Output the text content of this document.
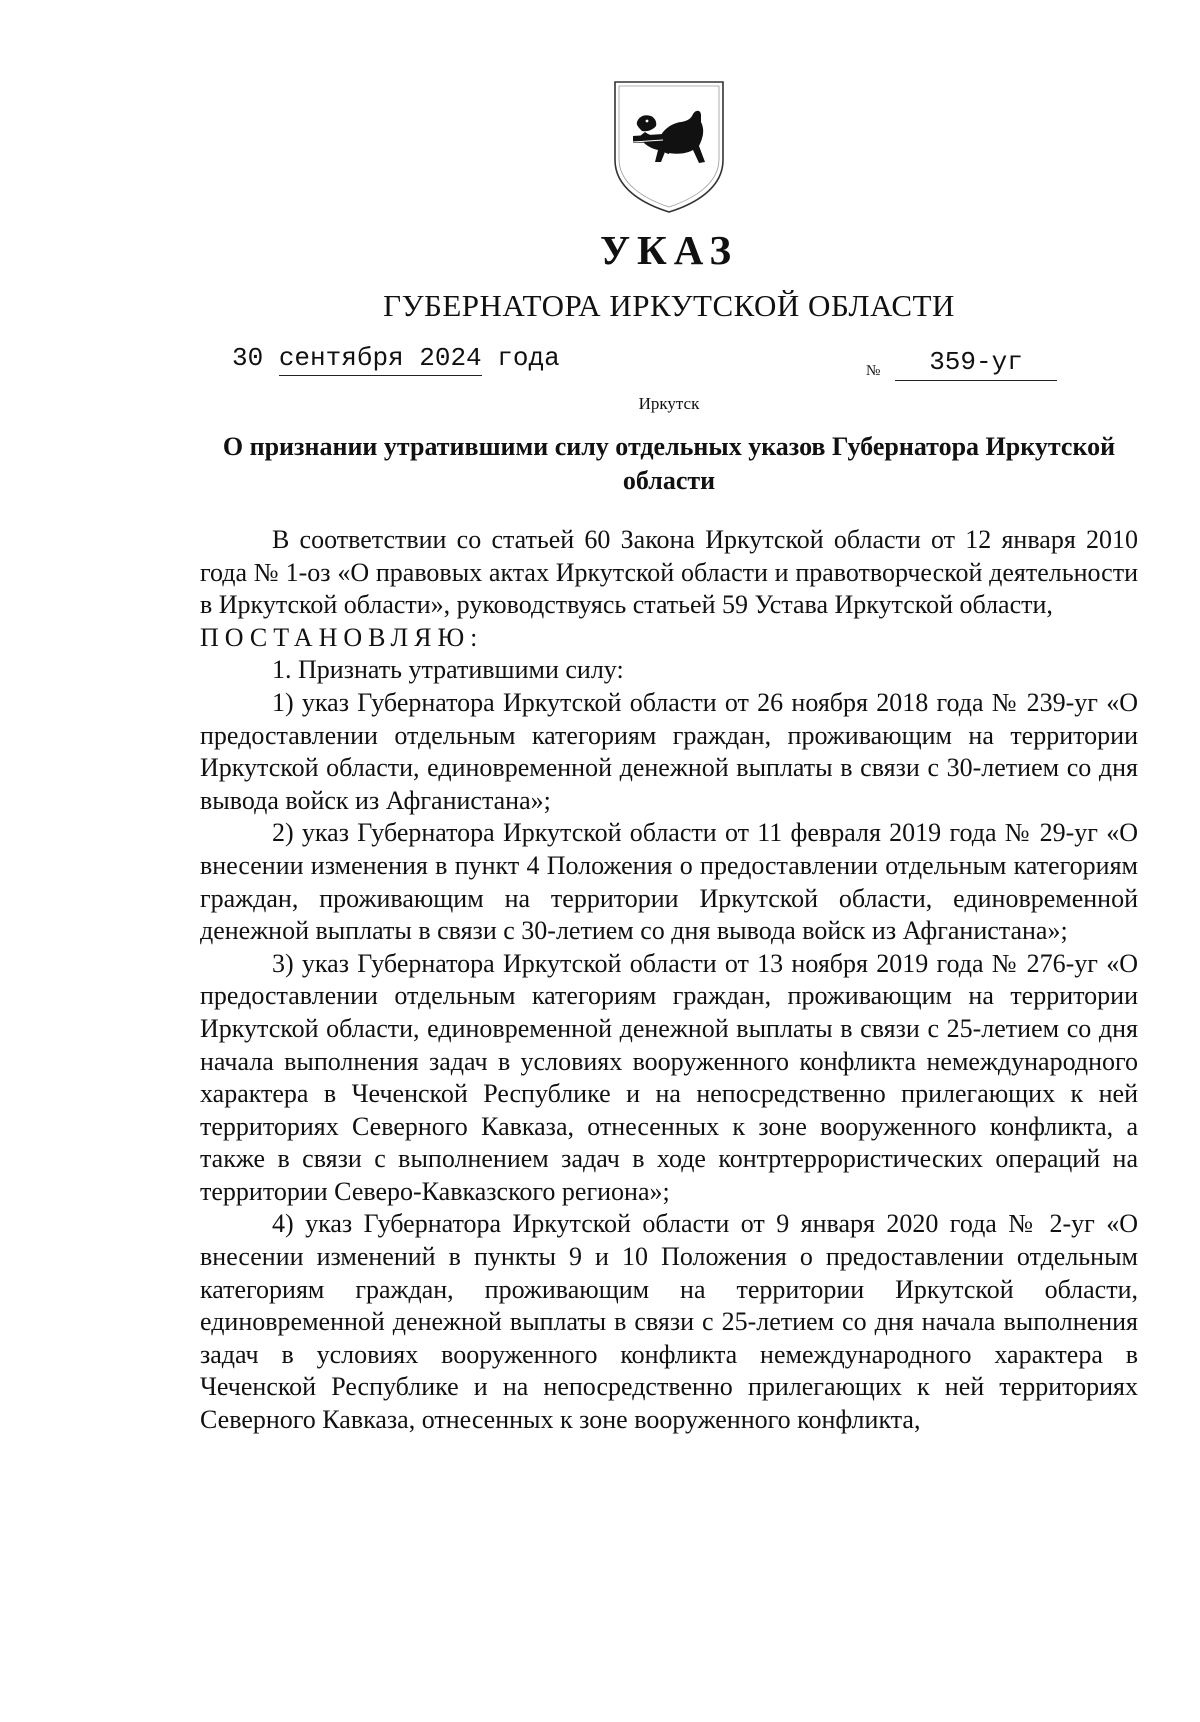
УКАЗ
ГУБЕРНАТОРА ИРКУТСКОЙ ОБЛАСТИ
30 сентября 2024 года	№	359-уг
Иркутск
О признании утратившими силу отдельных указов Губернатора Иркутской области

В соответствии со статьей 60 Закона Иркутской области от 12 января 2010 года № 1-оз «О правовых актах Иркутской области и правотворческой деятельности в Иркутской области», руководствуясь статьей 59 Устава Иркутской области,

ПОСТАНОВЛЯЮ:

1. Признать утратившими силу:

1) указ Губернатора Иркутской области от 26 ноября 2018 года № 239-уг «О предоставлении отдельным категориям граждан, проживающим на территории Иркутской области, единовременной денежной выплаты в связи с 30-летием со дня вывода войск из Афганистана»;

2) указ Губернатора Иркутской области от 11 февраля 2019 года № 29-уг «О внесении изменения в пункт 4 Положения о предоставлении отдельным категориям граждан, проживающим на территории Иркутской области, единовременной денежной выплаты в связи с 30-летием со дня вывода войск из Афганистана»;

3) указ Губернатора Иркутской области от 13 ноября 2019 года № 276-уг «О предоставлении отдельным категориям граждан, проживающим на территории Иркутской области, единовременной денежной выплаты в связи с 25-летием со дня начала выполнения задач в условиях вооруженного конфликта немеждународного характера в Чеченской Республике и на непосредственно прилегающих к ней территориях Северного Кавказа, отнесенных к зоне вооруженного конфликта, а также в связи с выполнением задач в ходе контртеррористических операций на территории Северо-Кавказского региона»;

4) указ Губернатора Иркутской области от 9 января 2020 года № 2-уг «О внесении изменений в пункты 9 и 10 Положения о предоставлении отдельным категориям граждан, проживающим на территории Иркутской области, единовременной денежной выплаты в связи с 25-летием со дня начала выполнения задач в условиях вооруженного конфликта немеждународного характера в Чеченской Республике и на непосредственно прилегающих к ней территориях Северного Кавказа, отнесенных к зоне вооруженного конфликта,
